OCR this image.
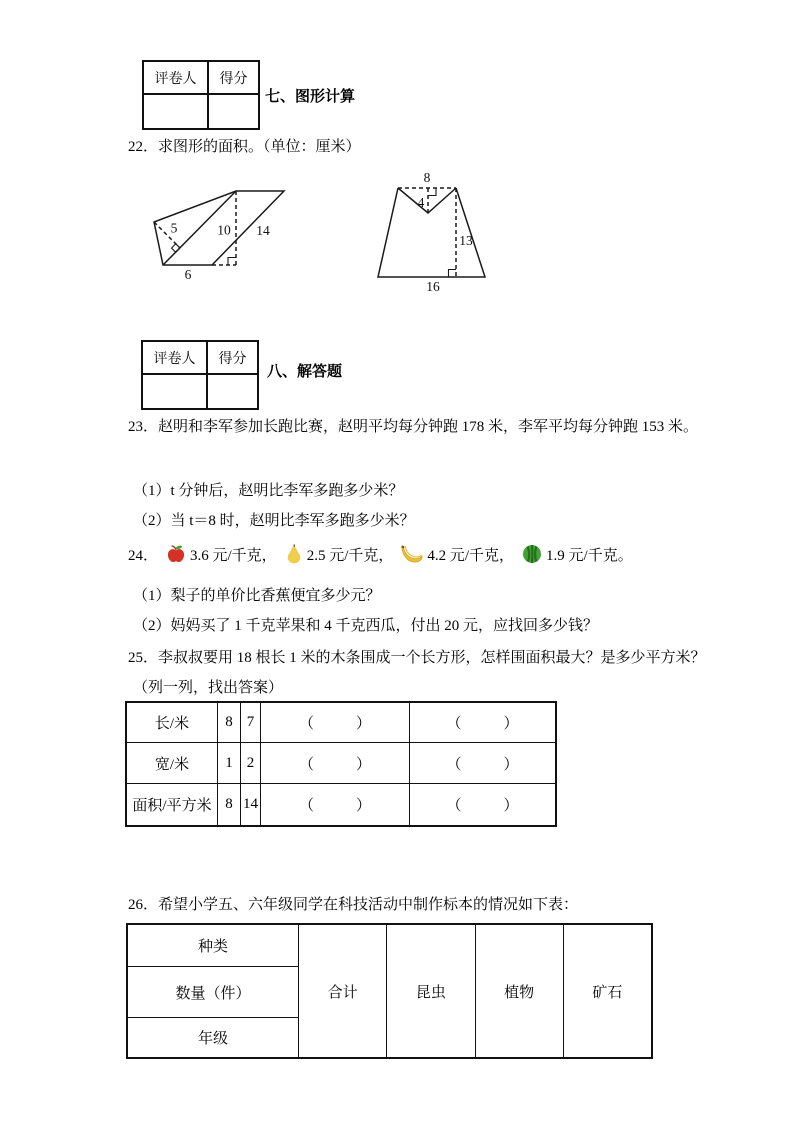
评卷人	得分
七、图形计算
22．求图形的面积。（单位：厘米）
5	10 14
6
8
4
13
16
评卷人	得分
八、解答题
23．赵明和李军参加长跑比赛，赵明平均每分钟跑 178 米，李军平均每分钟跑 153 米。
（1）t 分钟后，赵明比李军多跑多少米？
（2）当 t＝8 时，赵明比李军多跑多少米？
24． 3.6 元/千克， 2.5 元/千克， 4.2 元/千克， 1.9 元/千克。
（1）梨子的单价比香蕉便宜多少元？
（2）妈妈买了 1 千克苹果和 4 千克西瓜，付出 20 元，应找回多少钱？
25．李叔叔要用 18 根长 1 米的木条围成一个长方形，怎样围面积最大？是多少平方米？
（列一列，找出答案）
长/米	8 7	（	）	（	）
宽/米	1 2	（	）	（	）
面积/平方米 8 14	（	）	（	）
26．希望小学五、六年级同学在科技活动中制作标本的情况如下表：
种类
数量（件）
年级
合计	昆虫	植物	矿石
